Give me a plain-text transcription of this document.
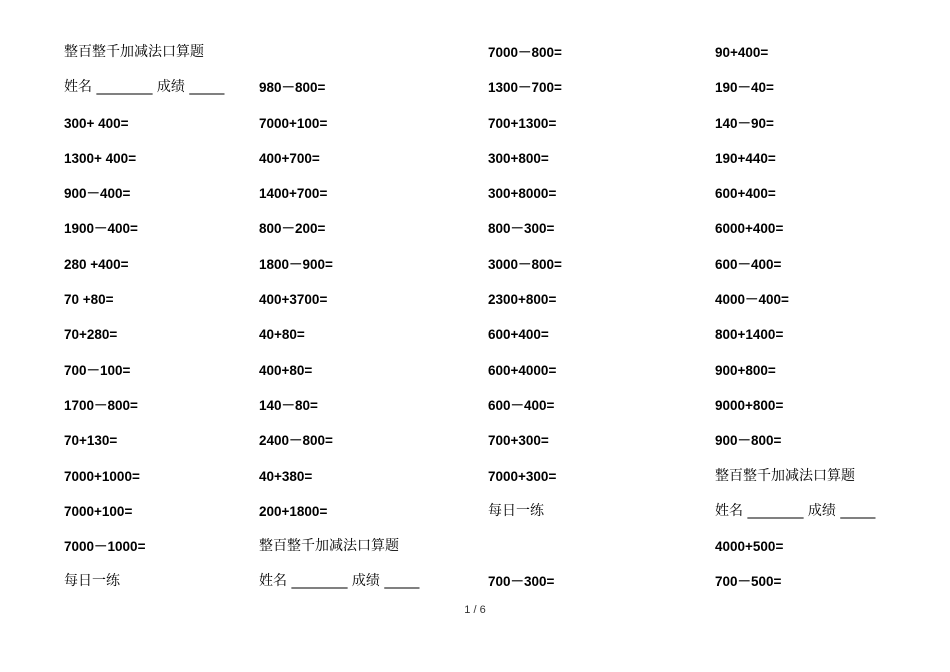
整百整千加减法口算题
姓名 ________ 成绩 _____
300+ 400=
1300+ 400=
900－400=
1900－400=
280 +400=
70 +80=
70+280=
700－100=
1700－800=
70+130=
7000+1000=
7000+100=
7000－1000=
每日一练
980－800=
7000+100=
400+700=
1400+700=
800－200=
1800－900=
400+3700=
40+80=
400+80=
140－80=
2400－800=
40+380=
200+1800=
整百整千加减法口算题
姓名 ________ 成绩 _____
7000－800=
1300－700=
700+1300=
300+800=
300+8000=
800－300=
3000－800=
2300+800=
600+400=
600+4000=
600－400=
700+300=
7000+300=
每日一练
700－300=
90+400=
190－40=
140－90=
190+440=
600+400=
6000+400=
600－400=
4000－400=
800+1400=
900+800=
9000+800=
900－800=
整百整千加减法口算题
姓名 ________ 成绩 _____
4000+500=
700－500=
1 / 6
